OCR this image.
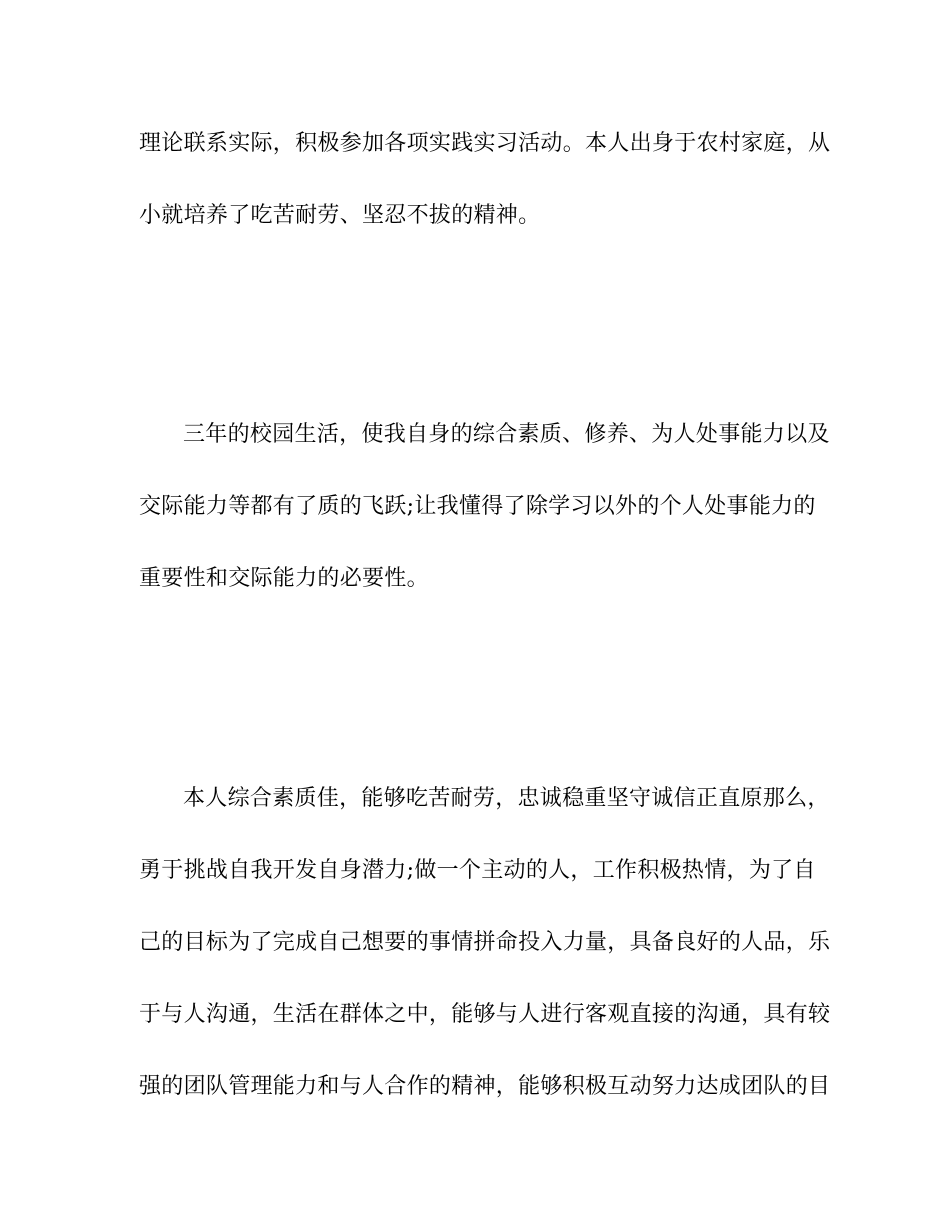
理论联系实际，积极参加各项实践实习活动。本人出身于农村家庭，从
小就培养了吃苦耐劳、坚忍不拔的精神。
三年的校园生活，使我自身的综合素质、修养、为人处事能力以及
交际能力等都有了质的飞跃;让我懂得了除学习以外的个人处事能力的
重要性和交际能力的必要性。
本人综合素质佳，能够吃苦耐劳，忠诚稳重坚守诚信正直原那么，
勇于挑战自我开发自身潜力;做一个主动的人，工作积极热情，为了自
己的目标为了完成自己想要的事情拼命投入力量，具备良好的人品，乐
于与人沟通，生活在群体之中，能够与人进行客观直接的沟通，具有较
强的团队管理能力和与人合作的精神，能够积极互动努力达成团队的目
